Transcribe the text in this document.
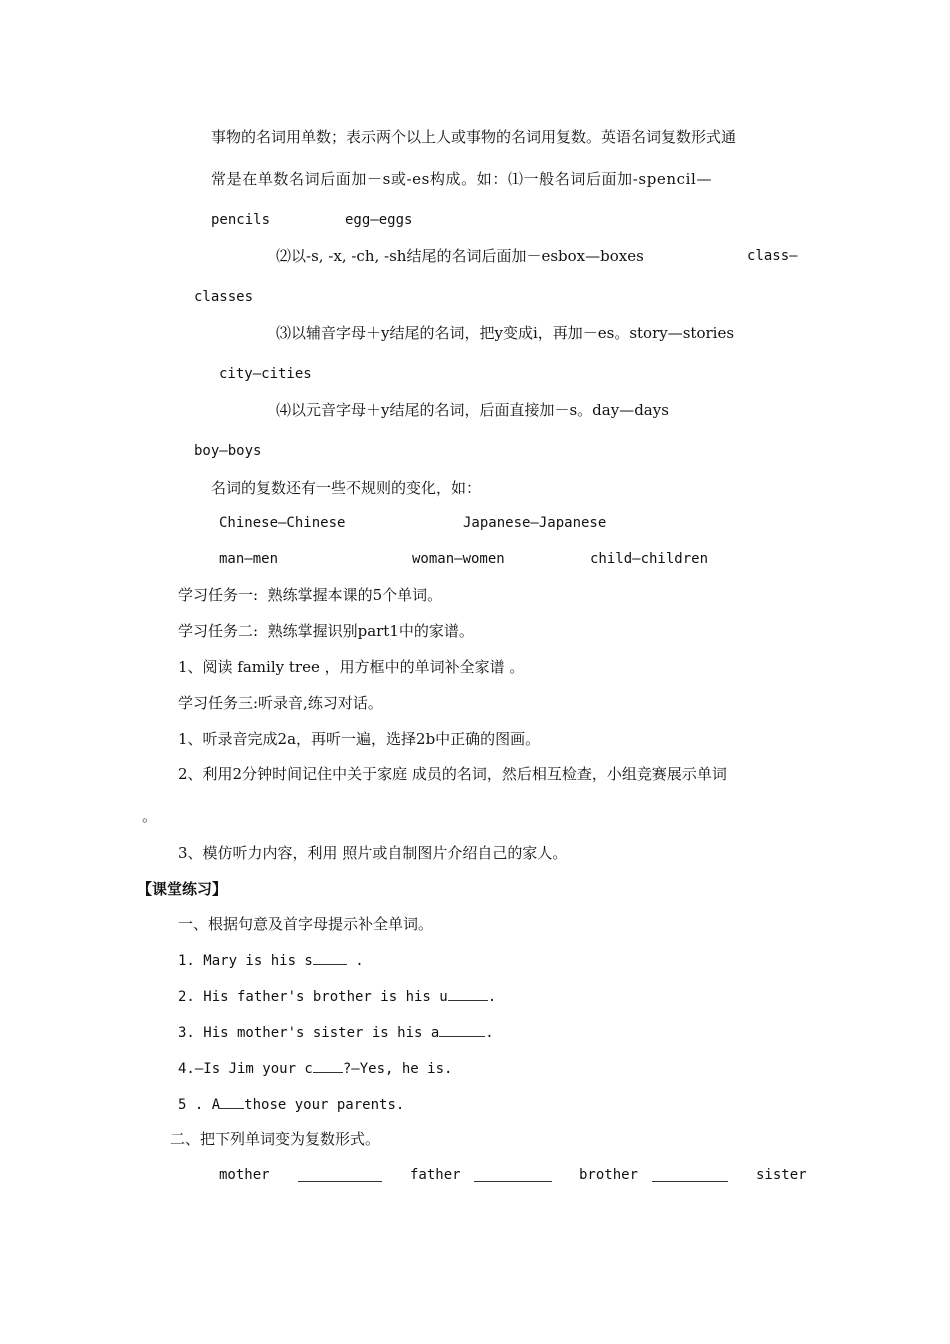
事物的名词用单数；表示两个以上人或事物的名词用复数。英语名词复数形式通
常是在单数名词后面加－s或-es构成。如：⑴一般名词后面加-spencil—
pencils	egg—eggs
⑵以-s, -x, -ch, -sh结尾的名词后面加－esbox—boxes	class—
classes
⑶以辅音字母＋y结尾的名词，把y变成i，再加－es。story—stories
city—cities
⑷以元音字母＋y结尾的名词，后面直接加－s。day—days
boy—boys
名词的复数还有一些不规则的变化，如：
Chinese—Chinese	Japanese—Japanese
man—men	woman—women	child—children
学习任务一:  熟练掌握本课的5个单词。
学习任务二:  熟练掌握识别part1中的家谱。
1、阅读 family tree ，用方框中的单词补全家谱 。
学习任务三:听录音,练习对话。
1、听录音完成2a，再听一遍，选择2b中正确的图画。
2、利用2分钟时间记住中关于家庭 成员的名词，然后相互检查，小组竞赛展示单词
。
3、模仿听力内容，利用 照片或自制图片介绍自己的家人。
【课堂练习】
一、根据句意及首字母提示补全单词。
1. Mary is his s .
2. His father's brother is his u	.
3. His mother's sister is his a	.
4.—Is Jim your c ?—Yes, he is.
5 . A those your parents.
二、把下列单词变为复数形式。
mother	father	brother	sister
